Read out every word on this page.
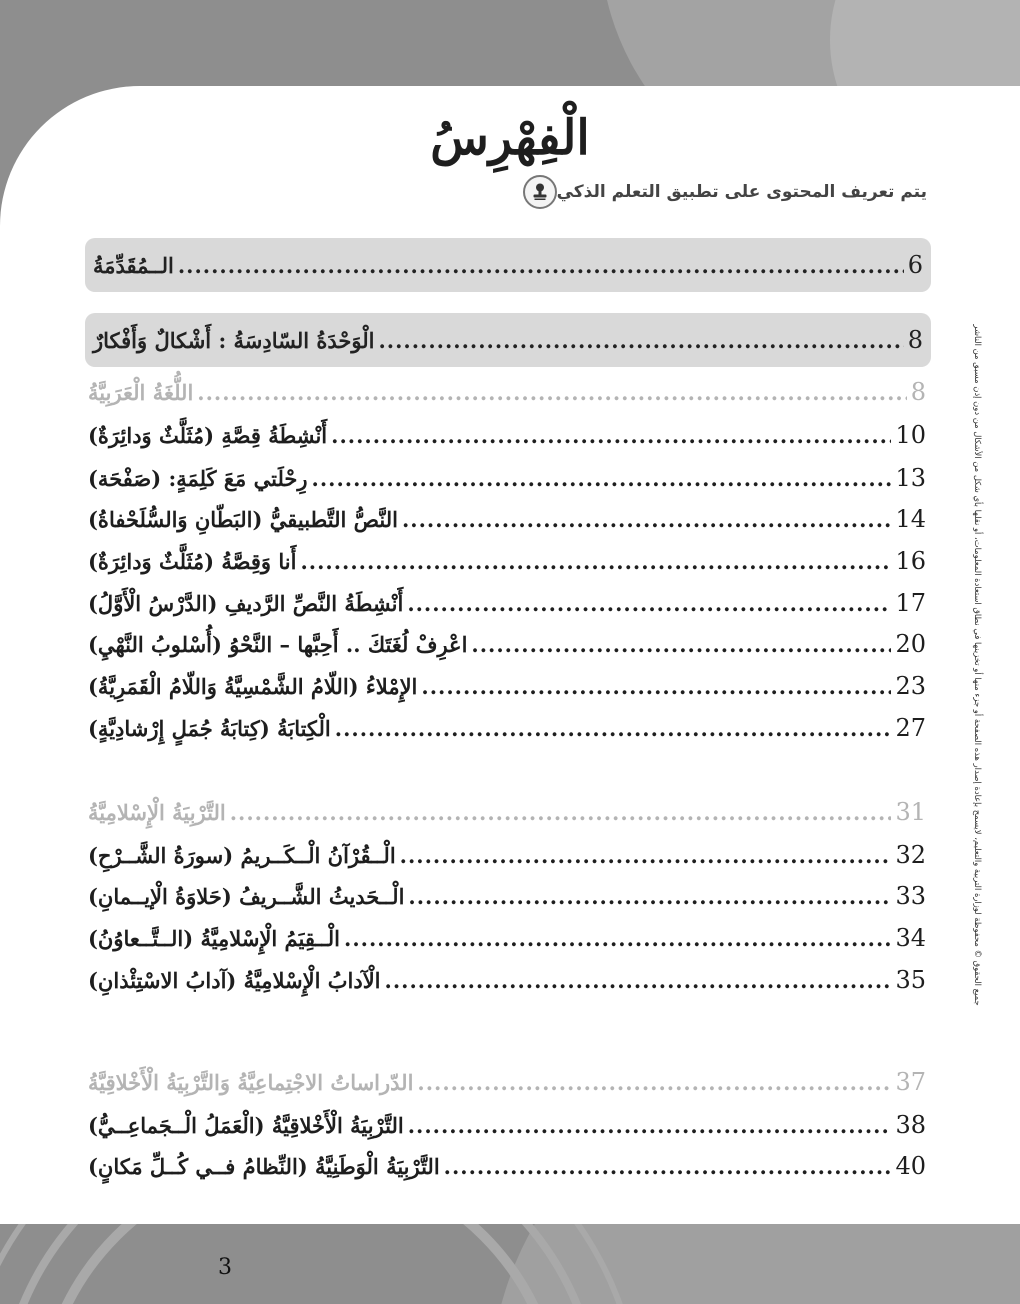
الْفِهْرِسُ
يتم تعريف المحتوى على تطبيق التعلم الذكي
الــمُقَدِّمَةُ .....	6
الْوَحْدَةُ السّادِسَةُ : أَشْكالٌ وَأَفْكارٌ .....	8
اللُّغَةُ الْعَرَبِيَّةُ .....	8
أَنْشِطَةُ قِصَّةِ (مُثَلَّثٌ وَدائِرَةٌ) .....	10
رِحْلَتي مَعَ كَلِمَةٍ: (صَفْحَة) .....	13
النَّصُّ التَّطبيقيُّ (البَطّانِ وَالسُّلَحْفاةُ) .....	14
أَنا وَقِصَّةُ (مُثَلَّثٌ وَدائِرَةٌ) .....	16
أَنْشِطَةُ النَّصِّ الرَّديفِ (الدَّرْسُ الْأَوَّلُ) .....	17
اعْرِفْ لُغَتَكَ .. أَحِبَّها – النَّحْوُ (أُسْلوبُ النَّهْيِ) .....	20
الإِمْلاءُ (اللّامُ الشَّمْسِيَّةُ وَاللّامُ الْقَمَرِيَّةُ) .....	23
الْكِتابَةُ (كِتابَةُ جُمَلٍ إِرْشادِيَّةٍ) .....	27
التَّرْبِيَةُ الْإِسْلامِيَّةُ .....	31
الْــقُرْآنُ الْــكَــريمُ (سورَةُ الشَّــرْحِ) .....	32
الْــحَديثُ الشَّــريفُ (حَلاوَةُ الْإيــمانِ) .....	33
الْــقِيَمُ الْإِسْلامِيَّةُ (الــتَّــعاوُنُ) .....	34
الْآدابُ الْإِسْلامِيَّةُ (آدابُ الاسْتِئْذانِ) .....	35
الدّراساتُ الاجْتِماعِيَّةُ وَالتَّرْبِيَةُ الْأَخْلاقِيَّةُ .....	37
التَّرْبِيَةُ الْأَخْلاقِيَّةُ (الْعَمَلُ الْــجَماعِــيُّ) .....	38
التَّرْبِيَةُ الْوَطَنِيَّةُ (النِّظامُ فــي كُــلِّ مَكانٍ) .....	40
جميع الحقوق © محفوظة لوزارة التربية والتعليم، لايسمح بإعادة إصدار هذه الصفحة أو جزء منها أو تخزينها في نطاق استعادة المعلومات، أو نقلها بأي شكل من الأشكال من دون إذن مسبق من الناشر
3
